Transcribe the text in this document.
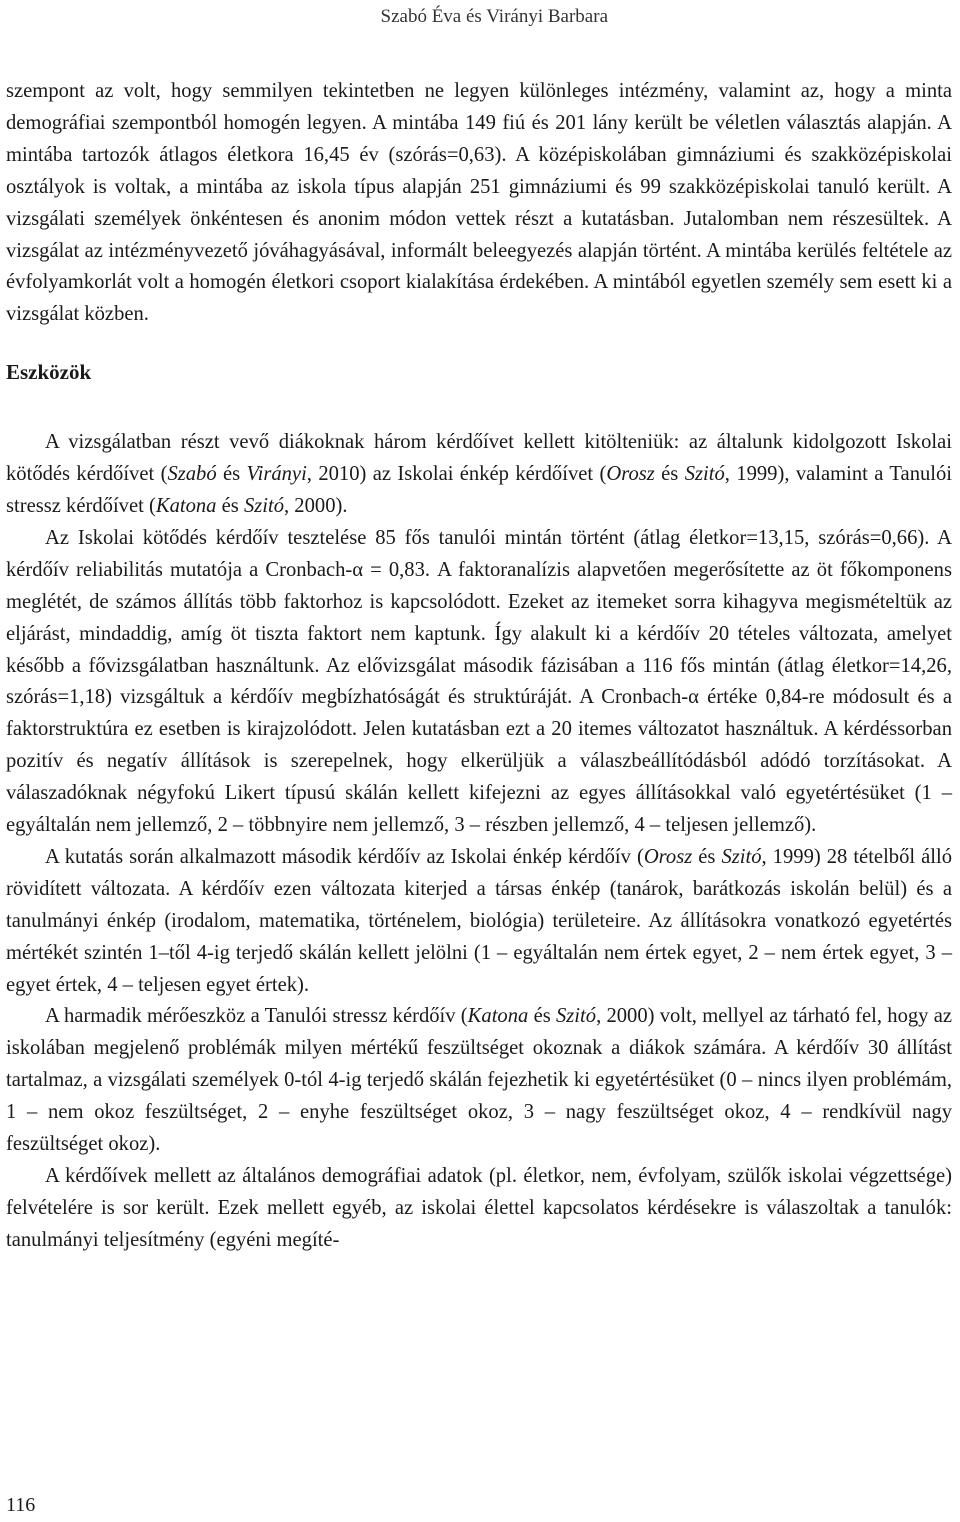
Szabó Éva és Virányi Barbara

szempont az volt, hogy semmilyen tekintetben ne legyen különleges intézmény, valamint az, hogy a minta demográfiai szempontból homogén legyen. A mintába 149 fiú és 201 lány került be véletlen választás alapján. A mintába tartozók átlagos életkora 16,45 év (szórás=0,63). A középiskolában gimnáziumi és szakközépiskolai osztályok is voltak, a mintába az iskola típus alapján 251 gimnáziumi és 99 szakközépiskolai tanuló került. A vizsgálati személyek önkéntesen és anonim módon vettek részt a kutatásban. Jutalomban nem részesültek. A vizsgálat az intézményvezető jóváhagyásával, informált beleegyezés alapján történt. A mintába kerülés feltétele az évfolyamkorlát volt a homogén életkori csoport kialakítása érdekében. A mintából egyetlen személy sem esett ki a vizsgálat közben.

Eszközök

A vizsgálatban részt vevő diákoknak három kérdőívet kellett kitölteniük: az általunk kidolgozott Iskolai kötődés kérdőívet (Szabó és Virányi, 2010) az Iskolai énkép kérdőívet (Orosz és Szitó, 1999), valamint a Tanulói stressz kérdőívet (Katona és Szitó, 2000).

Az Iskolai kötődés kérdőív tesztelése 85 fős tanulói mintán történt (átlag életkor=13,15, szórás=0,66). A kérdőív reliabilitás mutatója a Cronbach-α = 0,83. A faktoranalízis alapvetően megerősítette az öt főkomponens meglétét, de számos állítás több faktorhoz is kapcsolódott. Ezeket az itemeket sorra kihagyva megismételtük az eljárást, mindaddig, amíg öt tiszta faktort nem kaptunk. Így alakult ki a kérdőív 20 tételes változata, amelyet később a fővizsgálatban használtunk. Az elővizsgálat második fázisában a 116 fős mintán (átlag életkor=14,26, szórás=1,18) vizsgáltuk a kérdőív megbízhatóságát és struktúráját. A Cronbach-α értéke 0,84-re módosult és a faktorstruktúra ez esetben is kirajzolódott. Jelen kutatásban ezt a 20 itemes változatot használtuk. A kérdéssorban pozitív és negatív állítások is szerepelnek, hogy elkerüljük a válaszbeállítódásból adódó torzításokat. A válaszadóknak négyfokú Likert típusú skálán kellett kifejezni az egyes állításokkal való egyetértésüket (1 – egyáltalán nem jellemző, 2 – többnyire nem jellemző, 3 – részben jellemző, 4 – teljesen jellemző).

A kutatás során alkalmazott második kérdőív az Iskolai énkép kérdőív (Orosz és Szitó, 1999) 28 tételből álló rövidített változata. A kérdőív ezen változata kiterjed a társas énkép (tanárok, barátkozás iskolán belül) és a tanulmányi énkép (irodalom, matematika, történelem, biológia) területeire. Az állításokra vonatkozó egyetértés mértékét szintén 1–től 4-ig terjedő skálán kellett jelölni (1 – egyáltalán nem értek egyet, 2 – nem értek egyet, 3 – egyet értek, 4 – teljesen egyet értek).

A harmadik mérőeszköz a Tanulói stressz kérdőív (Katona és Szitó, 2000) volt, mellyel az tárható fel, hogy az iskolában megjelenő problémák milyen mértékű feszültséget okoznak a diákok számára. A kérdőív 30 állítást tartalmaz, a vizsgálati személyek 0-tól 4-ig terjedő skálán fejezhetik ki egyetértésüket (0 – nincs ilyen problémám, 1 – nem okoz feszültséget, 2 – enyhe feszültséget okoz, 3 – nagy feszültséget okoz, 4 – rendkívül nagy feszültséget okoz).

A kérdőívek mellett az általános demográfiai adatok (pl. életkor, nem, évfolyam, szülők iskolai végzettsége) felvételére is sor került. Ezek mellett egyéb, az iskolai élettel kapcsolatos kérdésekre is válaszoltak a tanulók: tanulmányi teljesítmény (egyéni megíté-

116
